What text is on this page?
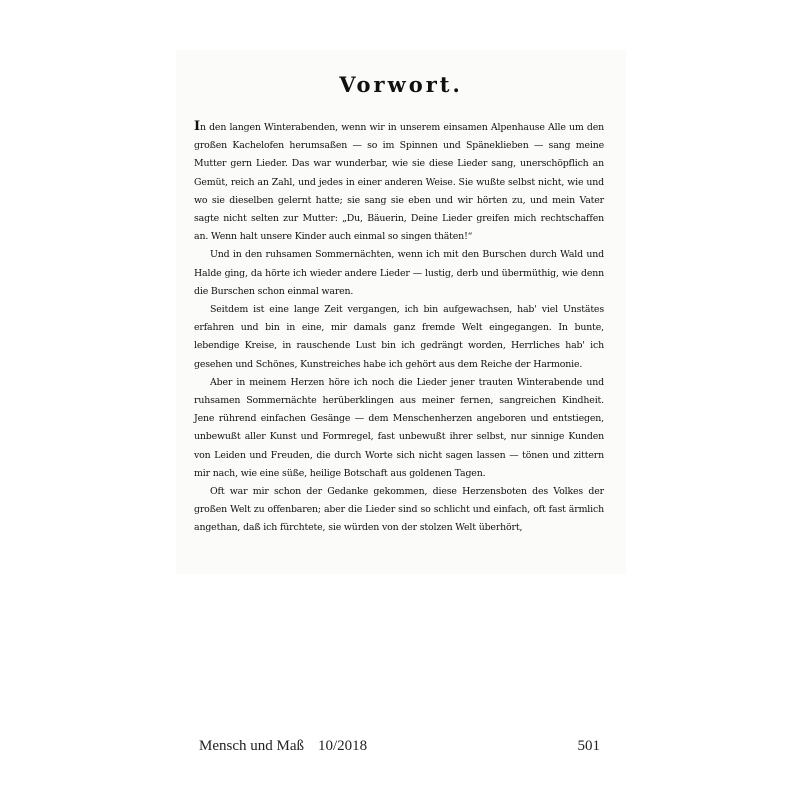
Vorwort.

In den langen Winterabenden, wenn wir in unserem einsamen Alpenhause Alle um den großen Kachelofen herumsaßen — so im Spinnen und Späneklieben — sang meine Mutter gern Lieder. Das war wunderbar, wie sie diese Lieder sang, unerschöpflich an Gemüt, reich an Zahl, und jedes in einer anderen Weise. Sie wußte selbst nicht, wie und wo sie dieselben gelernt hatte; sie sang sie eben und wir hörten zu, und mein Vater sagte nicht selten zur Mutter: „Du, Bäuerin, Deine Lieder greifen mich rechtschaffen an. Wenn halt unsere Kinder auch einmal so singen thäten!“

Und in den ruhsamen Sommernächten, wenn ich mit den Burschen durch Wald und Halde ging, da hörte ich wieder andere Lieder — lustig, derb und übermüthig, wie denn die Burschen schon einmal waren.

Seitdem ist eine lange Zeit vergangen, ich bin aufgewachsen, hab' viel Unstätes erfahren und bin in eine, mir damals ganz fremde Welt eingegangen. In bunte, lebendige Kreise, in rauschende Lust bin ich gedrängt worden, Herrliches hab' ich gesehen und Schönes, Kunstreiches habe ich gehört aus dem Reiche der Harmonie.

Aber in meinem Herzen höre ich noch die Lieder jener trauten Winterabende und ruhsamen Sommernächte herüberklingen aus meiner fernen, sangreichen Kindheit. Jene rührend einfachen Gesänge — dem Menschenherzen angeboren und entstiegen, unbewußt aller Kunst und Formregel, fast unbewußt ihrer selbst, nur sinnige Kunden von Leiden und Freuden, die durch Worte sich nicht sagen lassen — tönen und zittern mir nach, wie eine süße, heilige Botschaft aus goldenen Tagen.

Oft war mir schon der Gedanke gekommen, diese Herzensboten des Volkes der großen Welt zu offenbaren; aber die Lieder sind so schlicht und einfach, oft fast ärmlich angethan, daß ich fürchtete, sie würden von der stolzen Welt überhört,

Mensch und Maß 10/2018	501
